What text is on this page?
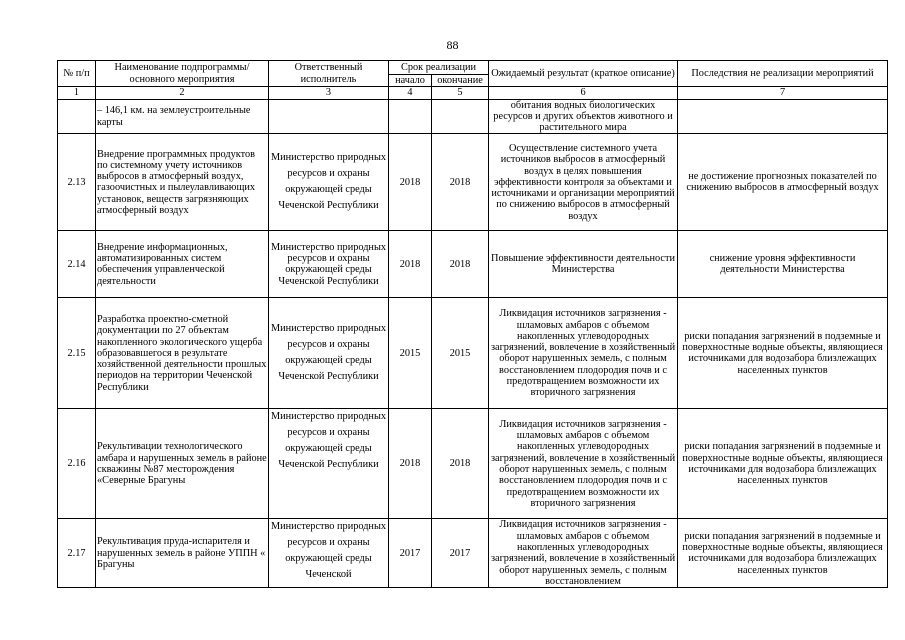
88
№ п/п	Наименование подпрограммы/ основного мероприятия	Ответственный исполнитель	Срок реализации		Ожидаемый результат (краткое описание)	Последствия не реализации мероприятий
			начало	окончание		
1	2	3	4	5	6	7
	– 146,1 км. на землеустроительные карты				обитания водных биологических ресурсов и других объектов животного и растительного мира	
2.13	Внедрение программных продуктов по системному учету источников выбросов в атмосферный воздух, газоочистных и пылеулавливающих установок, веществ загрязняющих атмосферный воздух	Министерство природных ресурсов и охраны окружающей среды Чеченской Республики	2018	2018	Осуществление системного учета источников выбросов в атмосферный воздух в целях повышения эффективности контроля за объектами и источниками и организации мероприятий по снижению выбросов в атмосферный воздух	не достижение прогнозных показателей по снижению выбросов в атмосферный воздух
2.14	Внедрение информационных, автоматизированных систем обеспечения управленческой деятельности	Министерство природных ресурсов и охраны окружающей среды Чеченской Республики	2018	2018	Повышение эффективности деятельности Министерства	снижение уровня эффективности деятельности Министерства
2.15	Разработка проектно-сметной документации по 27 объектам накопленного экологического ущерба образовавшегося в результате хозяйственной деятельности прошлых периодов на территории Чеченской Республики	Министерство природных ресурсов и охраны окружающей среды Чеченской Республики	2015	2015	Ликвидация источников загрязнения - шламовых амбаров с объемом накопленных углеводородных загрязнений, вовлечение в хозяйственный оборот нарушенных земель, с полным восстановлением плодородия почв и с предотвращением возможности их вторичного загрязнения	риски попадания загрязнений в подземные и поверхностные водные объекты, являющиеся источниками для водозабора близлежащих населенных пунктов
2.16	Рекультивации технологического амбара и нарушенных земель в районе скважины №87 месторождения «Северные Брагуны	Министерство природных ресурсов и охраны окружающей среды Чеченской Республики	2018	2018	Ликвидация источников загрязнения - шламовых амбаров с объемом накопленных углеводородных загрязнений, вовлечение в хозяйственный оборот нарушенных земель, с полным восстановлением плодородия почв и с предотвращением возможности их вторичного загрязнения	риски попадания загрязнений в подземные и поверхностные водные объекты, являющиеся источниками для водозабора близлежащих населенных пунктов
2.17	Рекультивация пруда-испарителя и нарушенных земель в районе УППН « Брагуны	Министерство природных ресурсов и охраны окружающей среды Чеченской	2017	2017	Ликвидация источников загрязнения - шламовых амбаров с объемом накопленных углеводородных загрязнений, вовлечение в хозяйственный оборот нарушенных земель, с полным восстановлением	риски попадания загрязнений в подземные и поверхностные водные объекты, являющиеся источниками для водозабора близлежащих населенных пунктов
